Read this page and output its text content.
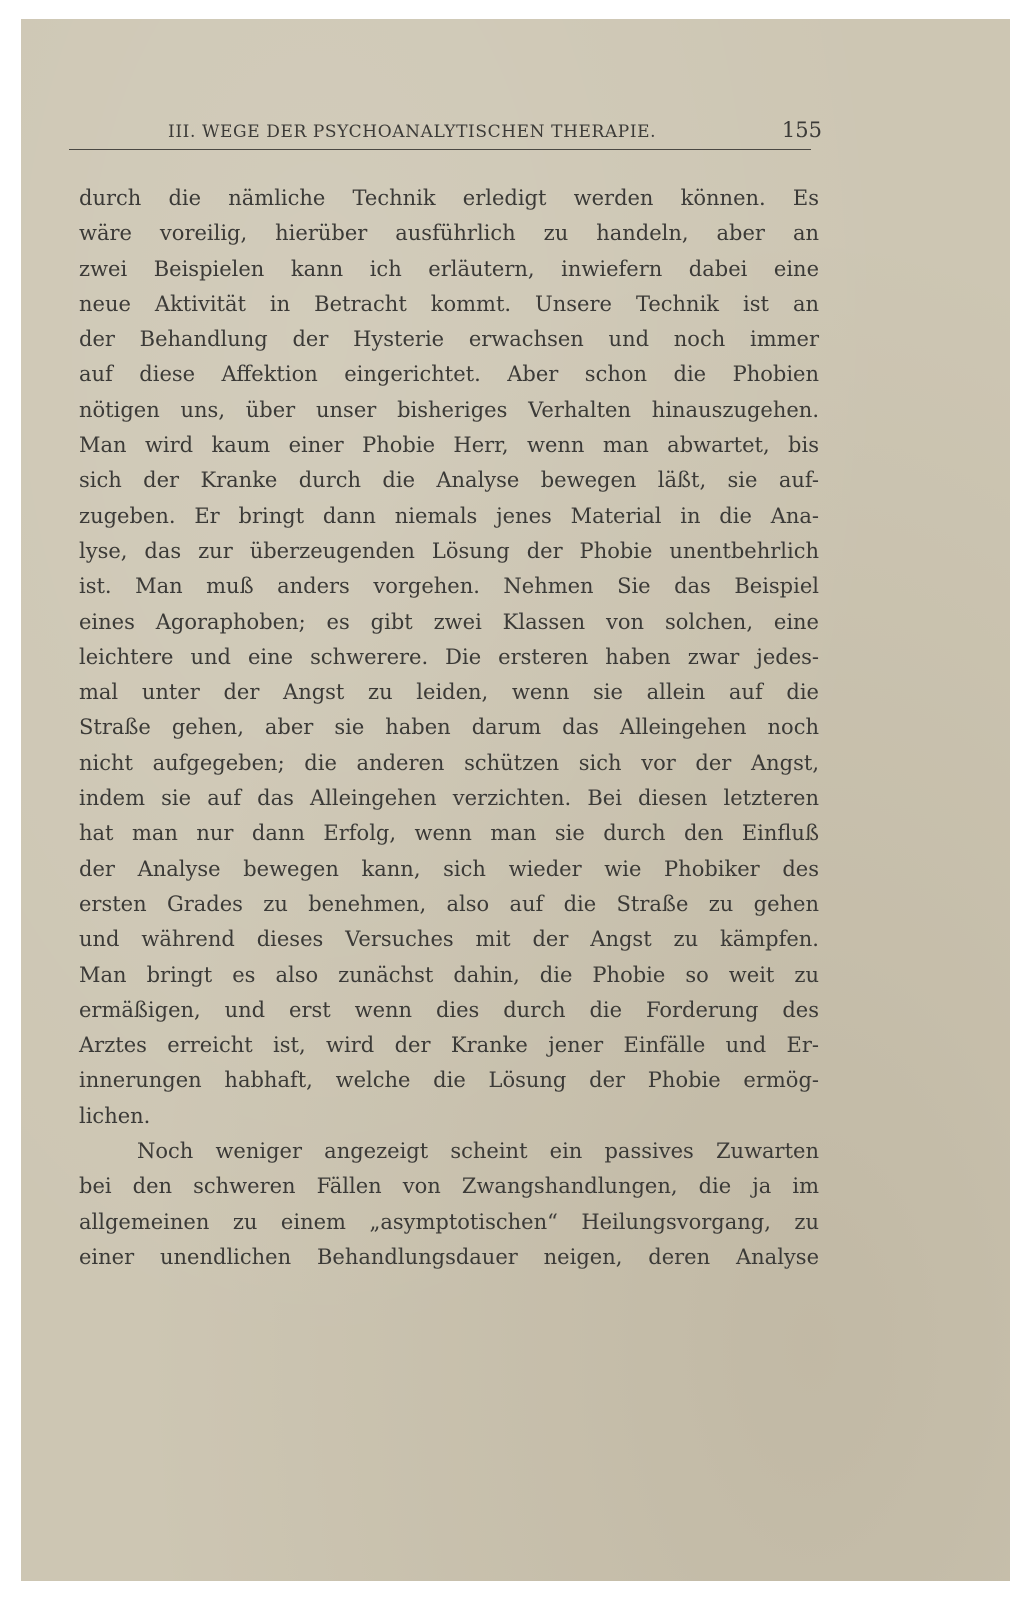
III. WEGE DER PSYCHOANALYTISCHEN THERAPIE.	155
durch die nämliche Technik erledigt werden können. Es
wäre voreilig, hierüber ausführlich zu handeln, aber an
zwei Beispielen kann ich erläutern, inwiefern dabei eine
neue Aktivität in Betracht kommt. Unsere Technik ist an
der Behandlung der Hysterie erwachsen und noch immer
auf diese Affektion eingerichtet. Aber schon die Phobien
nötigen uns, über unser bisheriges Verhalten hinauszugehen.
Man wird kaum einer Phobie Herr, wenn man abwartet, bis
sich der Kranke durch die Analyse bewegen läßt, sie auf-
zugeben. Er bringt dann niemals jenes Material in die Ana-
lyse, das zur überzeugenden Lösung der Phobie unentbehrlich
ist. Man muß anders vorgehen. Nehmen Sie das Beispiel
eines Agoraphoben; es gibt zwei Klassen von solchen, eine
leichtere und eine schwerere. Die ersteren haben zwar jedes-
mal unter der Angst zu leiden, wenn sie allein auf die
Straße gehen, aber sie haben darum das Alleingehen noch
nicht aufgegeben; die anderen schützen sich vor der Angst,
indem sie auf das Alleingehen verzichten. Bei diesen letzteren
hat man nur dann Erfolg, wenn man sie durch den Einfluß
der Analyse bewegen kann, sich wieder wie Phobiker des
ersten Grades zu benehmen, also auf die Straße zu gehen
und während dieses Versuches mit der Angst zu kämpfen.
Man bringt es also zunächst dahin, die Phobie so weit zu
ermäßigen, und erst wenn dies durch die Forderung des
Arztes erreicht ist, wird der Kranke jener Einfälle und Er-
innerungen habhaft, welche die Lösung der Phobie ermög-
lichen.
Noch weniger angezeigt scheint ein passives Zuwarten
bei den schweren Fällen von Zwangshandlungen, die ja im
allgemeinen zu einem „asymptotischen“ Heilungsvorgang, zu
einer unendlichen Behandlungsdauer neigen, deren Analyse
